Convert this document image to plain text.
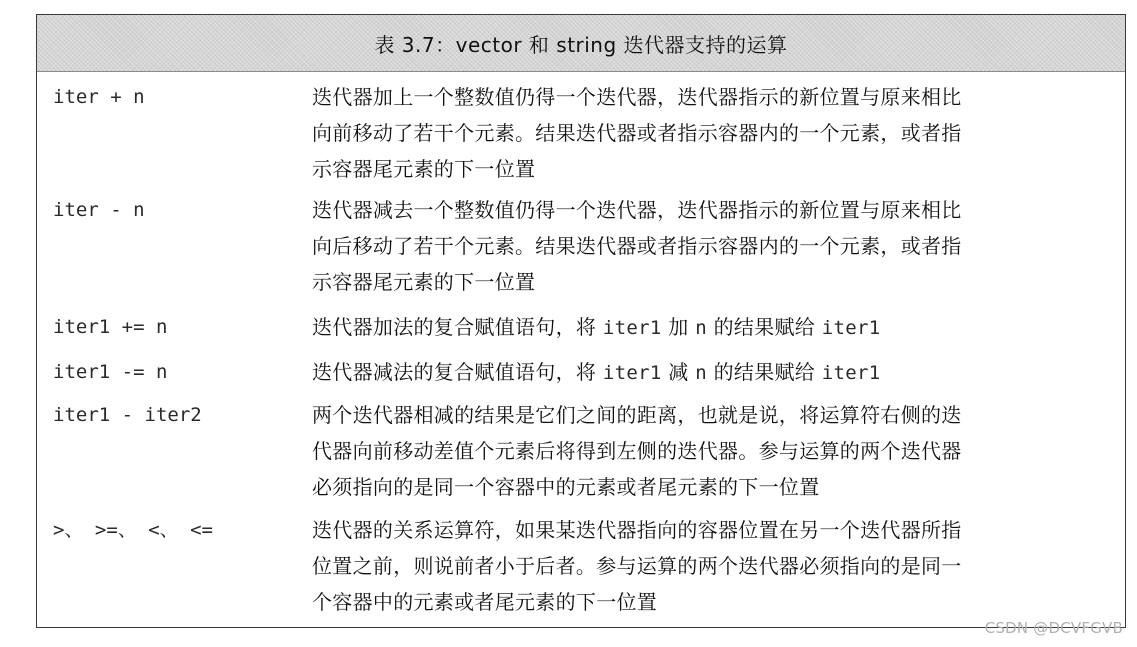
表 3.7：vector 和 string 迭代器支持的运算
iter + n	迭代器加上一个整数值仍得一个迭代器，迭代器指示的新位置与原来相比
向前移动了若干个元素。结果迭代器或者指示容器内的一个元素，或者指
示容器尾元素的下一位置
iter - n	迭代器减去一个整数值仍得一个迭代器，迭代器指示的新位置与原来相比
向后移动了若干个元素。结果迭代器或者指示容器内的一个元素，或者指
示容器尾元素的下一位置
iter1 += n	迭代器加法的复合赋值语句，将 iter1 加 n 的结果赋给 iter1
iter1 -= n	迭代器减法的复合赋值语句，将 iter1 减 n 的结果赋给 iter1
iter1 - iter2	两个迭代器相减的结果是它们之间的距离，也就是说，将运算符右侧的迭
代器向前移动差值个元素后将得到左侧的迭代器。参与运算的两个迭代器
必须指向的是同一个容器中的元素或者尾元素的下一位置
>、 >=、 <、 <=	迭代器的关系运算符，如果某迭代器指向的容器位置在另一个迭代器所指
位置之前，则说前者小于后者。参与运算的两个迭代器必须指向的是同一
个容器中的元素或者尾元素的下一位置
CSDN @DCVFGVB
